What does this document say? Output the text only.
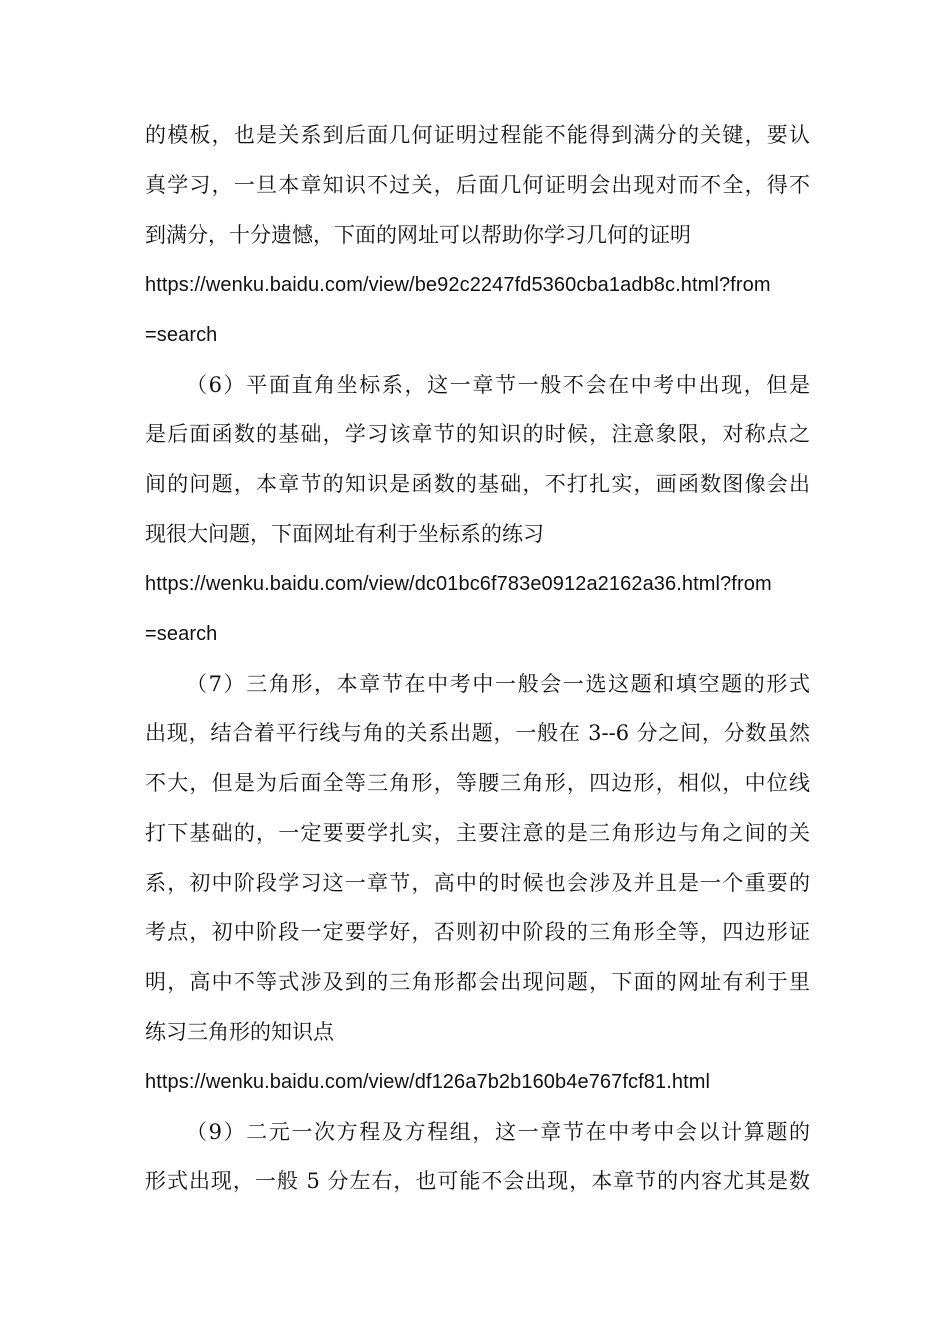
的模板，也是关系到后面几何证明过程能不能得到满分的关键，要认
真学习，一旦本章知识不过关，后面几何证明会出现对而不全，得不
到满分，十分遗憾，下面的网址可以帮助你学习几何的证明
https://wenku.baidu.com/view/be92c2247fd5360cba1adb8c.html?from
=search
（6）平面直角坐标系，这一章节一般不会在中考中出现，但是
是后面函数的基础，学习该章节的知识的时候，注意象限，对称点之
间的问题，本章节的知识是函数的基础，不打扎实，画函数图像会出
现很大问题，下面网址有利于坐标系的练习
https://wenku.baidu.com/view/dc01bc6f783e0912a2162a36.html?from
=search
（7）三角形，本章节在中考中一般会一选这题和填空题的形式
出现，结合着平行线与角的关系出题，一般在 3--6 分之间，分数虽然
不大，但是为后面全等三角形，等腰三角形，四边形，相似，中位线
打下基础的，一定要要学扎实，主要注意的是三角形边与角之间的关
系，初中阶段学习这一章节，高中的时候也会涉及并且是一个重要的
考点，初中阶段一定要学好，否则初中阶段的三角形全等，四边形证
明，高中不等式涉及到的三角形都会出现问题，下面的网址有利于里
练习三角形的知识点
https://wenku.baidu.com/view/df126a7b2b160b4e767fcf81.html
（9）二元一次方程及方程组，这一章节在中考中会以计算题的
形式出现，一般 5 分左右，也可能不会出现，本章节的内容尤其是数
